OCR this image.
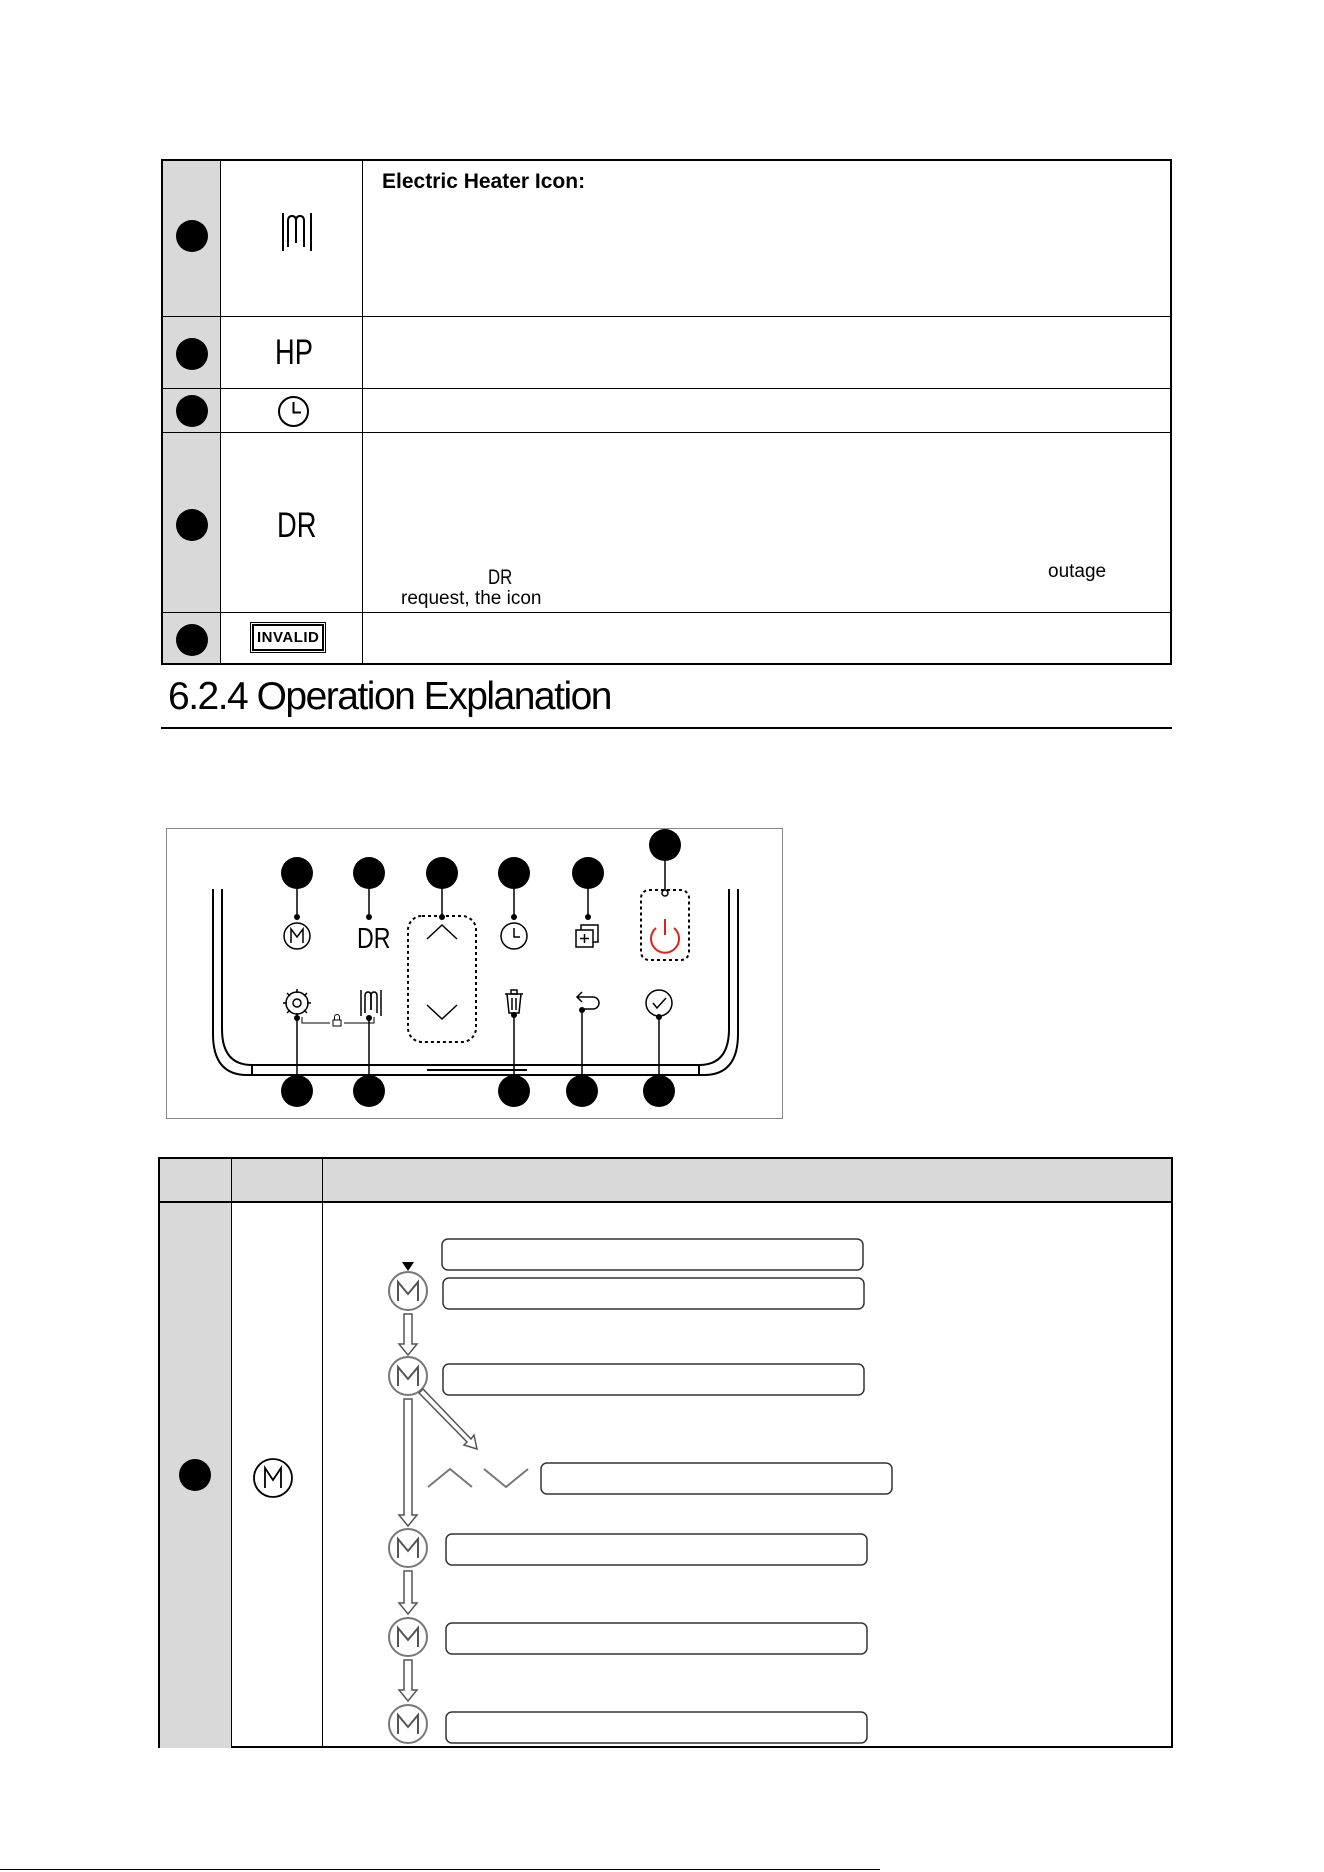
Electric Heater Icon:
HP
DR
DR	outage
request, the icon
INVALID
6.2.4 Operation Explanation
DR
